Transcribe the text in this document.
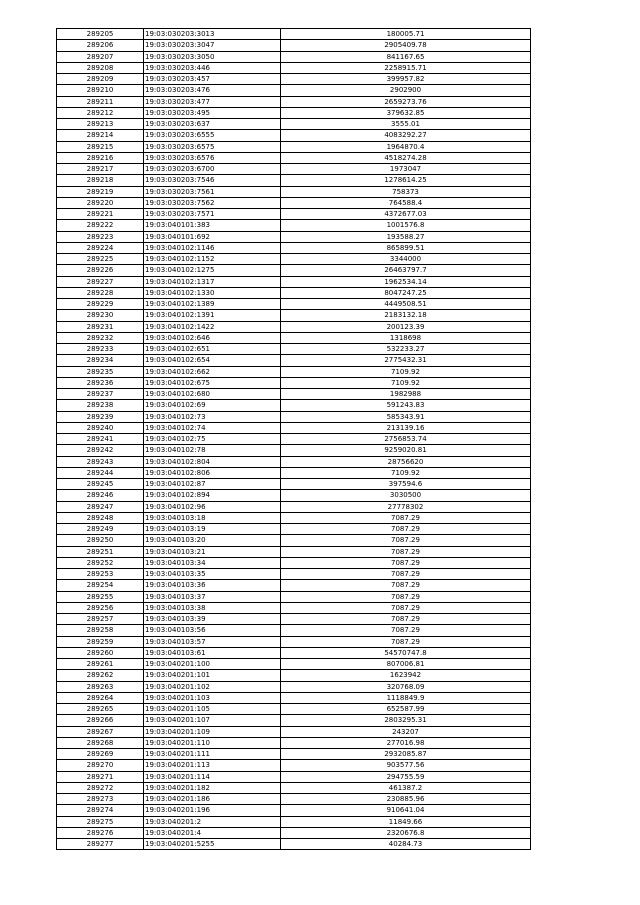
289205	19:03:030203:3013	180005.71
289206	19:03:030203:3047	2905409.78
289207	19:03:030203:3050	841167.65
289208	19:03:030203:446	2258915.71
289209	19:03:030203:457	399957.82
289210	19:03:030203:476	2902900
289211	19:03:030203:477	2659273.76
289212	19:03:030203:495	379632.85
289213	19:03:030203:637	3555.01
289214	19:03:030203:6555	4083292.27
289215	19:03:030203:6575	1964870.4
289216	19:03:030203:6576	4518274.28
289217	19:03:030203:6700	1973047
289218	19:03:030203:7546	1278614.25
289219	19:03:030203:7561	758373
289220	19:03:030203:7562	764588.4
289221	19:03:030203:7571	4372677.03
289222	19:03:040101:383	1001576.8
289223	19:03:040101:692	193588.27
289224	19:03:040102:1146	865899.51
289225	19:03:040102:1152	3344000
289226	19:03:040102:1275	26463797.7
289227	19:03:040102:1317	1962534.14
289228	19:03:040102:1330	8047247.25
289229	19:03:040102:1389	4449508.51
289230	19:03:040102:1391	2183132.18
289231	19:03:040102:1422	200123.39
289232	19:03:040102:646	1318698
289233	19:03:040102:651	532233.27
289234	19:03:040102:654	2775432.31
289235	19:03:040102:662	7109.92
289236	19:03:040102:675	7109.92
289237	19:03:040102:680	1982988
289238	19:03:040102:69	591243.83
289239	19:03:040102:73	585343.91
289240	19:03:040102:74	213139.16
289241	19:03:040102:75	2756853.74
289242	19:03:040102:78	9259020.81
289243	19:03:040102:804	28756620
289244	19:03:040102:806	7109.92
289245	19:03:040102:87	397594.6
289246	19:03:040102:894	3030500
289247	19:03:040102:96	27778302
289248	19:03:040103:18	7087.29
289249	19:03:040103:19	7087.29
289250	19:03:040103:20	7087.29
289251	19:03:040103:21	7087.29
289252	19:03:040103:34	7087.29
289253	19:03:040103:35	7087.29
289254	19:03:040103:36	7087.29
289255	19:03:040103:37	7087.29
289256	19:03:040103:38	7087.29
289257	19:03:040103:39	7087.29
289258	19:03:040103:56	7087.29
289259	19:03:040103:57	7087.29
289260	19:03:040103:61	54570747.8
289261	19:03:040201:100	807006.81
289262	19:03:040201:101	1623942
289263	19:03:040201:102	320768.09
289264	19:03:040201:103	1118849.9
289265	19:03:040201:105	652587.99
289266	19:03:040201:107	2803295.31
289267	19:03:040201:109	243207
289268	19:03:040201:110	277016.98
289269	19:03:040201:111	2932085.87
289270	19:03:040201:113	903577.56
289271	19:03:040201:114	294755.59
289272	19:03:040201:182	461387.2
289273	19:03:040201:186	230885.96
289274	19:03:040201:196	910641.04
289275	19:03:040201:2	11849.66
289276	19:03:040201:4	2320676.8
289277	19:03:040201:5255	40284.73
